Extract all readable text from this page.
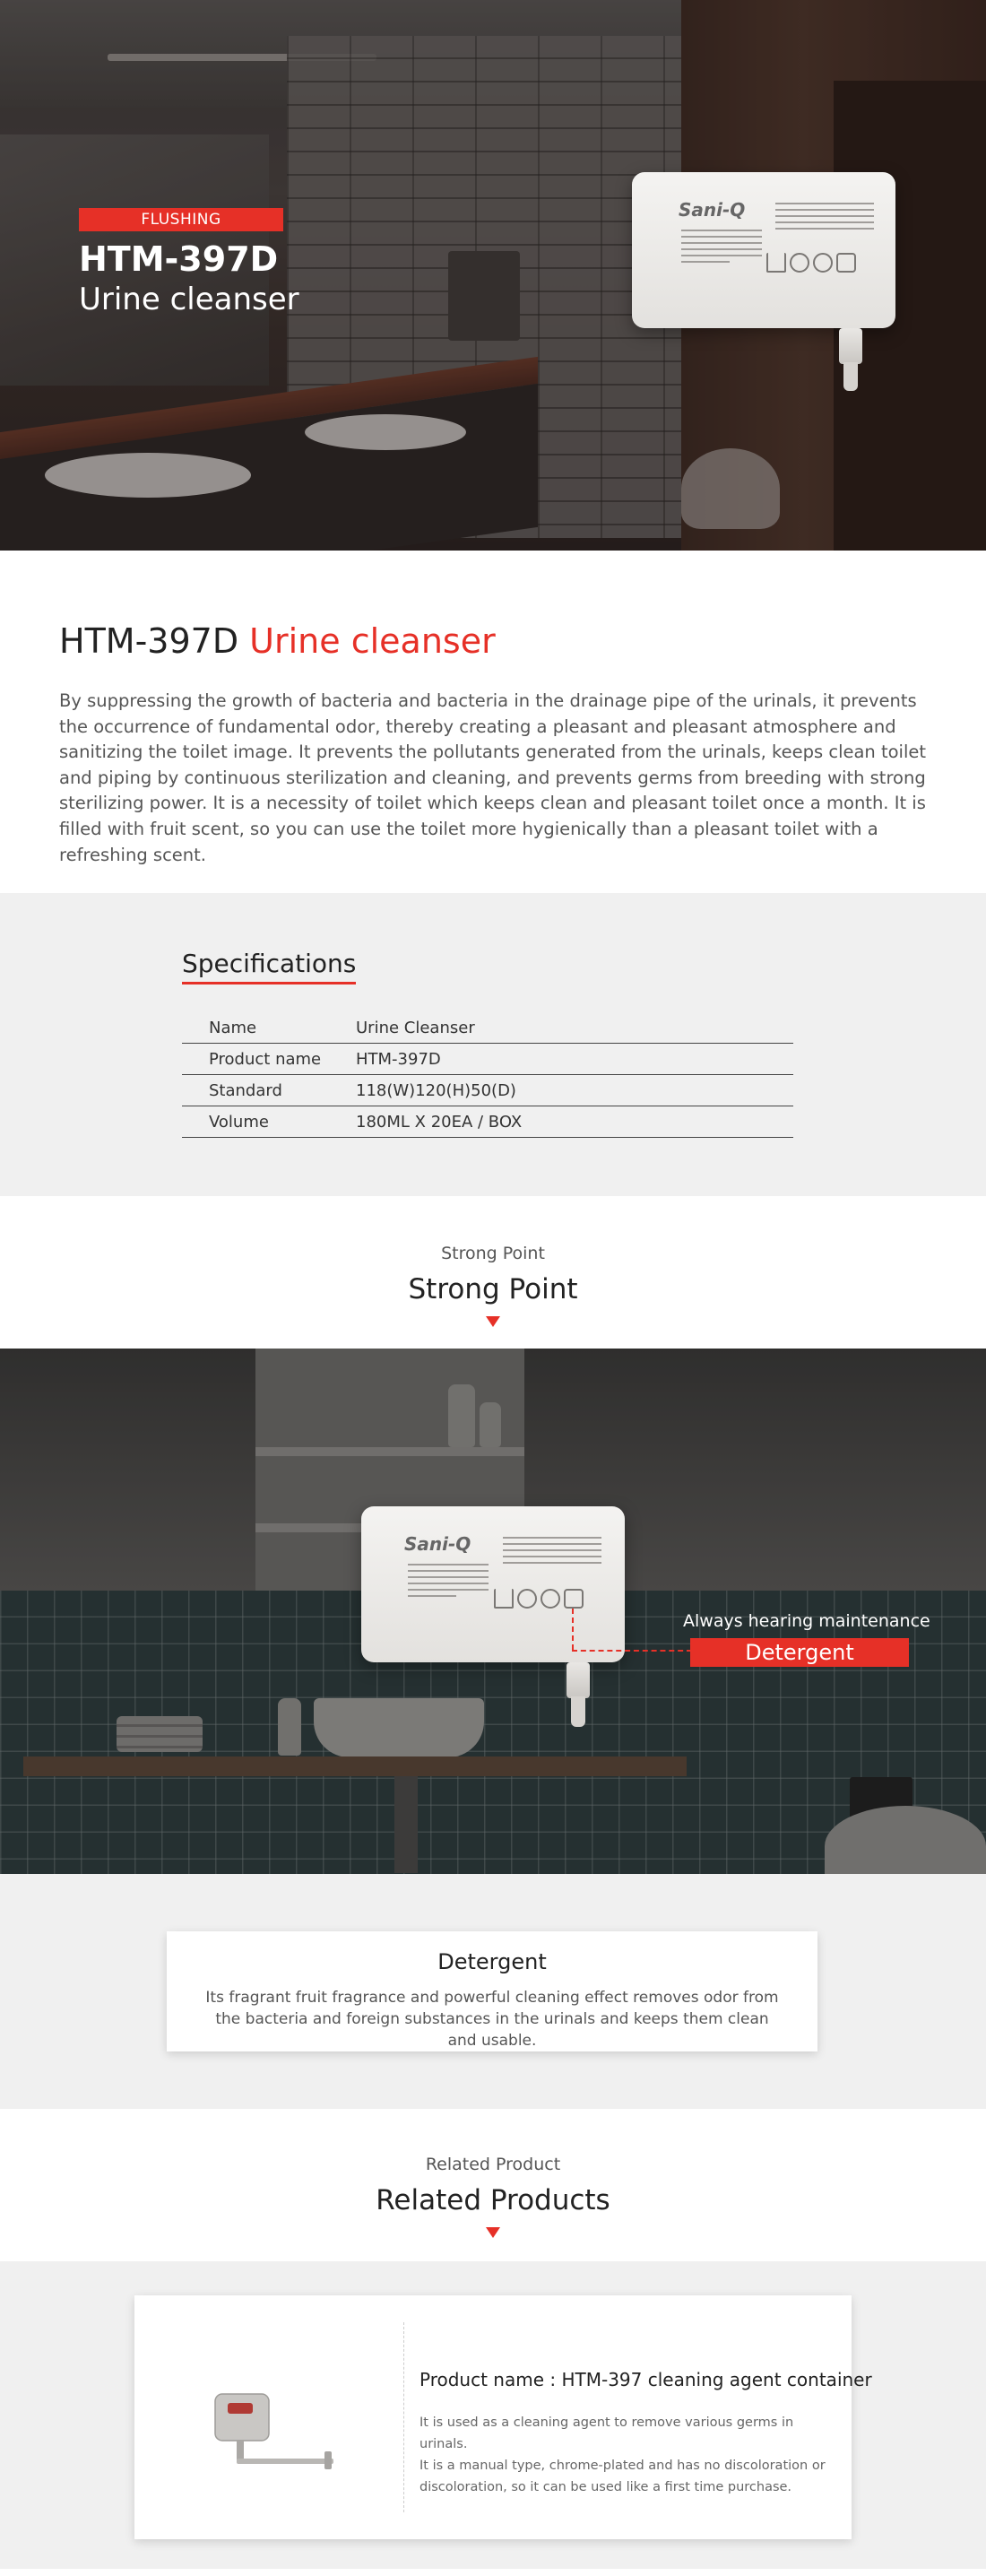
Sani-Q
FLUSHING
HTM-397D
Urine cleanser
HTM-397D Urine cleanser

By suppressing the growth of bacteria and bacteria in the drainage pipe of the urinals, it prevents the occurrence of fundamental odor, thereby creating a pleasant and pleasant atmosphere and sanitizing the toilet image. It prevents the pollutants generated from the urinals, keeps clean toilet and piping by continuous sterilization and cleaning, and prevents germs from breeding with strong sterilizing power. It is a necessity of toilet which keeps clean and pleasant toilet once a month. It is filled with fruit scent, so you can use the toilet more hygienically than a pleasant toilet with a refreshing scent.

Specifications
Name	Urine Cleanser
Product name	HTM-397D
Standard	118(W)120(H)50(D)
Volume	180ML X 20EA / BOX
Strong Point
Strong Point
Sani-Q
Always hearing maintenance
Detergent
Detergent

Its fragrant fruit fragrance and powerful cleaning effect removes odor from the bacteria and foreign substances in the urinals and keeps them clean and usable.

Related Product
Related Products
Product name : HTM-397 cleaning agent container
It is used as a cleaning agent to remove various germs in urinals.
It is a manual type, chrome-plated and has no discoloration or
discoloration, so it can be used like a first time purchase.
